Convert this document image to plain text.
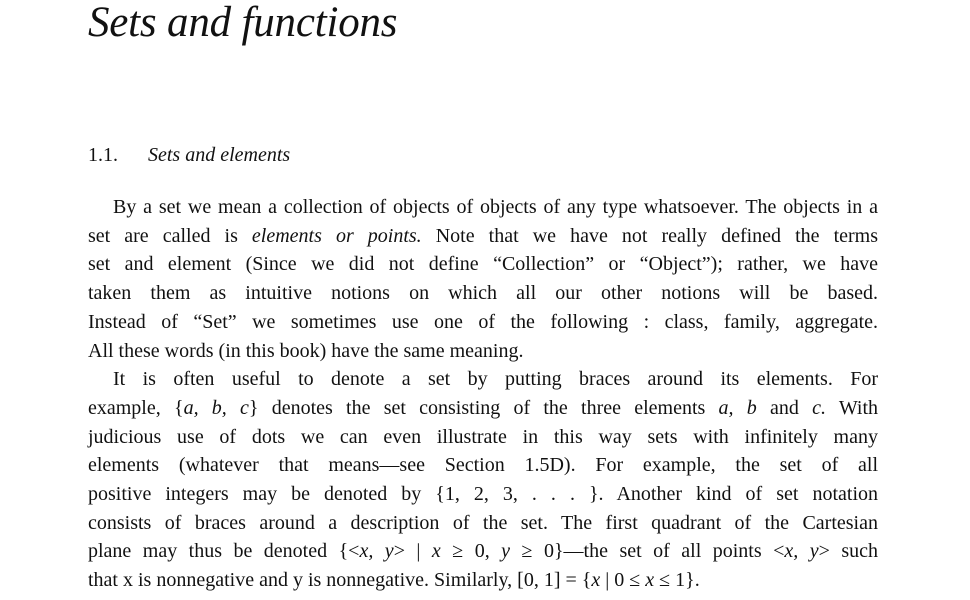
Sets and functions
1.1. Sets and elements

By a set we mean a collection of objects of objects of any type whatsoever. The objects in a

set are called is elements or points. Note that we have not really defined the terms

set and element (Since we did not define “Collection” or “Object”); rather, we have

taken them as intuitive notions on which all our other notions will be based.

Instead of “Set” we sometimes use one of the following : class, family, aggregate.

All these words (in this book) have the same meaning.

It is often useful to denote a set by putting braces around its elements. For

example, {a, b, c} denotes the set consisting of the three elements a, b and c. With

judicious use of dots we can even illustrate in this way sets with infinitely many

elements (whatever that means—see Section 1.5D). For example, the set of all

positive integers may be denoted by {1, 2, 3, . . . }. Another kind of set notation

consists of braces around a description of the set. The first quadrant of the Cartesian

plane may thus be denoted {<x, y> | x ≥ 0, y ≥ 0}—the set of all points <x, y> such

that x is nonnegative and y is nonnegative. Similarly, [0, 1] = {x | 0 ≤ x ≤ 1}.
